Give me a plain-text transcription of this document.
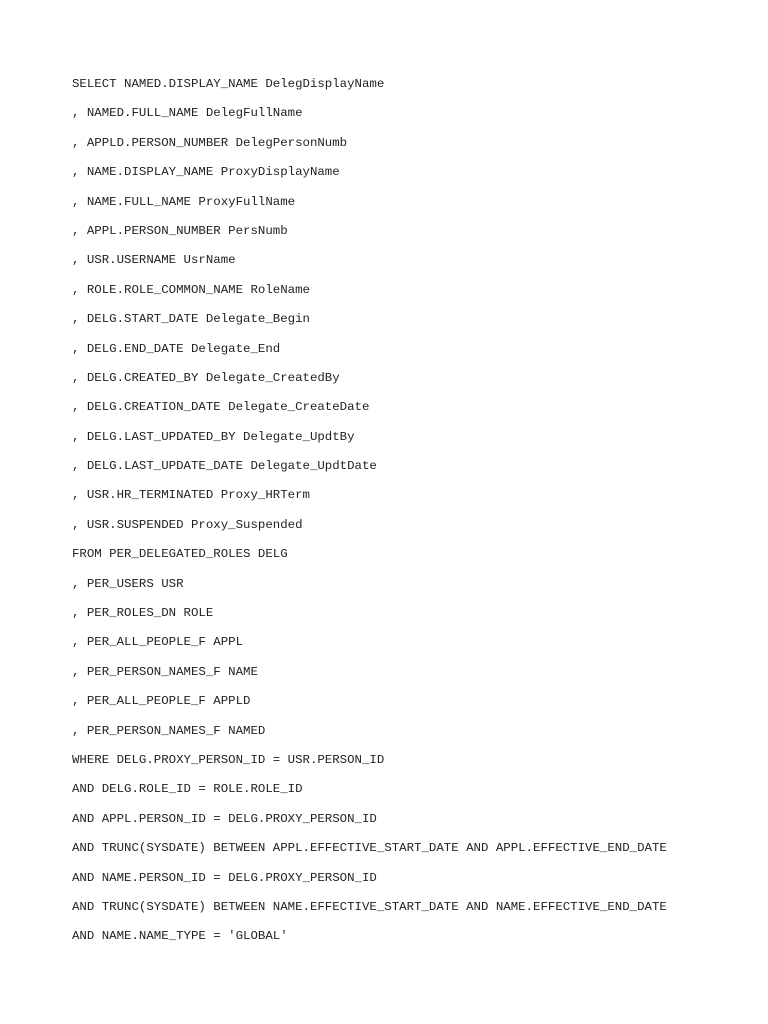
SELECT NAMED.DISPLAY_NAME DelegDisplayName
, NAMED.FULL_NAME DelegFullName
, APPLD.PERSON_NUMBER DelegPersonNumb
, NAME.DISPLAY_NAME ProxyDisplayName
, NAME.FULL_NAME ProxyFullName
, APPL.PERSON_NUMBER PersNumb
, USR.USERNAME UsrName
, ROLE.ROLE_COMMON_NAME RoleName
, DELG.START_DATE Delegate_Begin
, DELG.END_DATE Delegate_End
, DELG.CREATED_BY Delegate_CreatedBy
, DELG.CREATION_DATE Delegate_CreateDate
, DELG.LAST_UPDATED_BY Delegate_UpdtBy
, DELG.LAST_UPDATE_DATE Delegate_UpdtDate
, USR.HR_TERMINATED Proxy_HRTerm
, USR.SUSPENDED Proxy_Suspended
FROM PER_DELEGATED_ROLES DELG
, PER_USERS USR
, PER_ROLES_DN ROLE
, PER_ALL_PEOPLE_F APPL
, PER_PERSON_NAMES_F NAME
, PER_ALL_PEOPLE_F APPLD
, PER_PERSON_NAMES_F NAMED
WHERE DELG.PROXY_PERSON_ID = USR.PERSON_ID
AND DELG.ROLE_ID = ROLE.ROLE_ID
AND APPL.PERSON_ID = DELG.PROXY_PERSON_ID
AND TRUNC(SYSDATE) BETWEEN APPL.EFFECTIVE_START_DATE AND APPL.EFFECTIVE_END_DATE
AND NAME.PERSON_ID = DELG.PROXY_PERSON_ID
AND TRUNC(SYSDATE) BETWEEN NAME.EFFECTIVE_START_DATE AND NAME.EFFECTIVE_END_DATE
AND NAME.NAME_TYPE = 'GLOBAL'
